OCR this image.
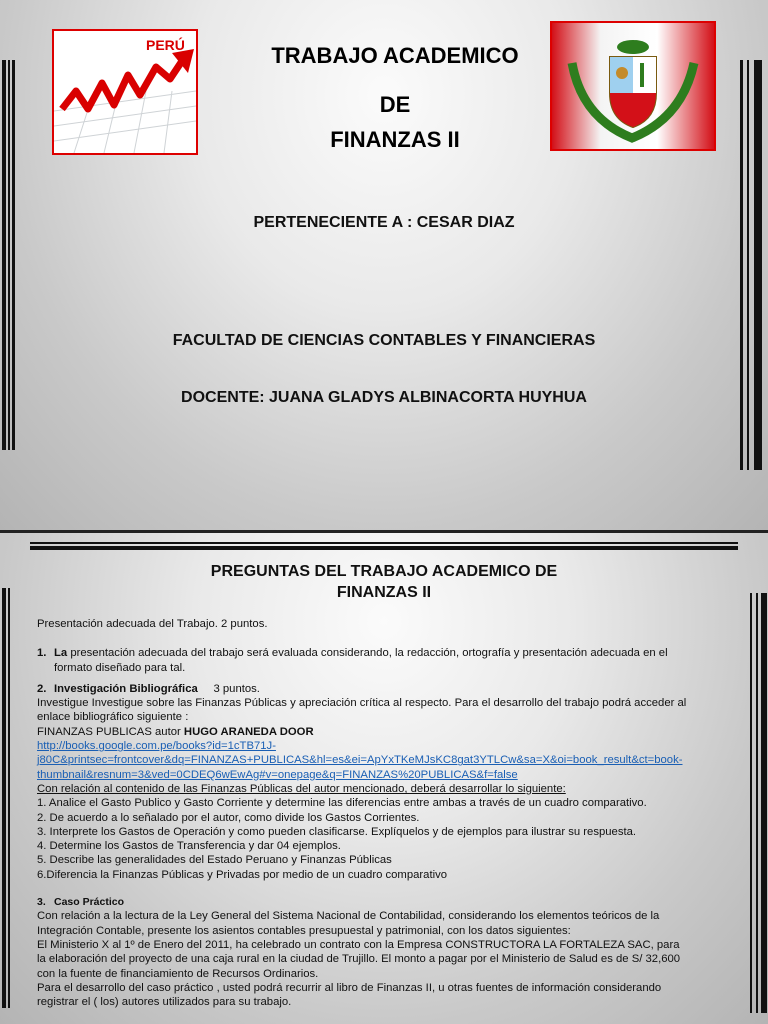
PERÚ	TRABAJO ACADEMICO
DE
FINANZAS II
PERTENECIENTE A : CESAR DIAZ
FACULTAD DE CIENCIAS CONTABLES Y FINANCIERAS
DOCENTE: JUANA GLADYS ALBINACORTA HUYHUA
PREGUNTAS DEL TRABAJO ACADEMICO DE
FINANZAS II

Presentación adecuada del Trabajo. 2 puntos.

1. La presentación adecuada del trabajo será evaluada considerando, la redacción, ortografía y presentación adecuada en el

formato diseñado para tal.

2. Investigación Bibliográfica 3 puntos.

Investigue Investigue sobre las Finanzas Públicas y apreciación crítica al respecto. Para el desarrollo del trabajo podrá acceder al

enlace bibliográfico siguiente :

FINANZAS PUBLICAS autor HUGO ARANEDA DOOR

http://books.google.com.pe/books?id=1cTB71J-

j80C&printsec=frontcover&dq=FINANZAS+PUBLICAS&hl=es&ei=ApYxTKeMJsKC8gat3YTLCw&sa=X&oi=book_result&ct=book-

thumbnail&resnum=3&ved=0CDEQ6wEwAg#v=onepage&q=FINANZAS%20PUBLICAS&f=false

Con relación al contenido de las Finanzas Públicas del autor mencionado, deberá desarrollar lo siguiente:

1. Analice el Gasto Publico y Gasto Corriente y determine las diferencias entre ambas a través de un cuadro comparativo.

2. De acuerdo a lo señalado por el autor, como divide los Gastos Corrientes.

3. Interprete los Gastos de Operación y como pueden clasificarse. Explíquelos y de ejemplos para ilustrar su respuesta.

4. Determine los Gastos de Transferencia y dar 04 ejemplos.

5. Describe las generalidades del Estado Peruano y Finanzas Públicas

6.Diferencia la Finanzas Públicas y Privadas por medio de un cuadro comparativo

3. Caso Práctico

Con relación a la lectura de la Ley General del Sistema Nacional de Contabilidad, considerando los elementos teóricos de la

Integración Contable, presente los asientos contables presupuestal y patrimonial, con los datos siguientes:

El Ministerio X al 1º de Enero del 2011, ha celebrado un contrato con la Empresa CONSTRUCTORA LA FORTALEZA SAC, para

la elaboración del proyecto de una caja rural en la ciudad de Trujillo. El monto a pagar por el Ministerio de Salud es de S/ 32,600

con la fuente de financiamiento de Recursos Ordinarios.

Para el desarrollo del caso práctico , usted podrá recurrir al libro de Finanzas II, u otras fuentes de información considerando

registrar el ( los) autores utilizados para su trabajo.
